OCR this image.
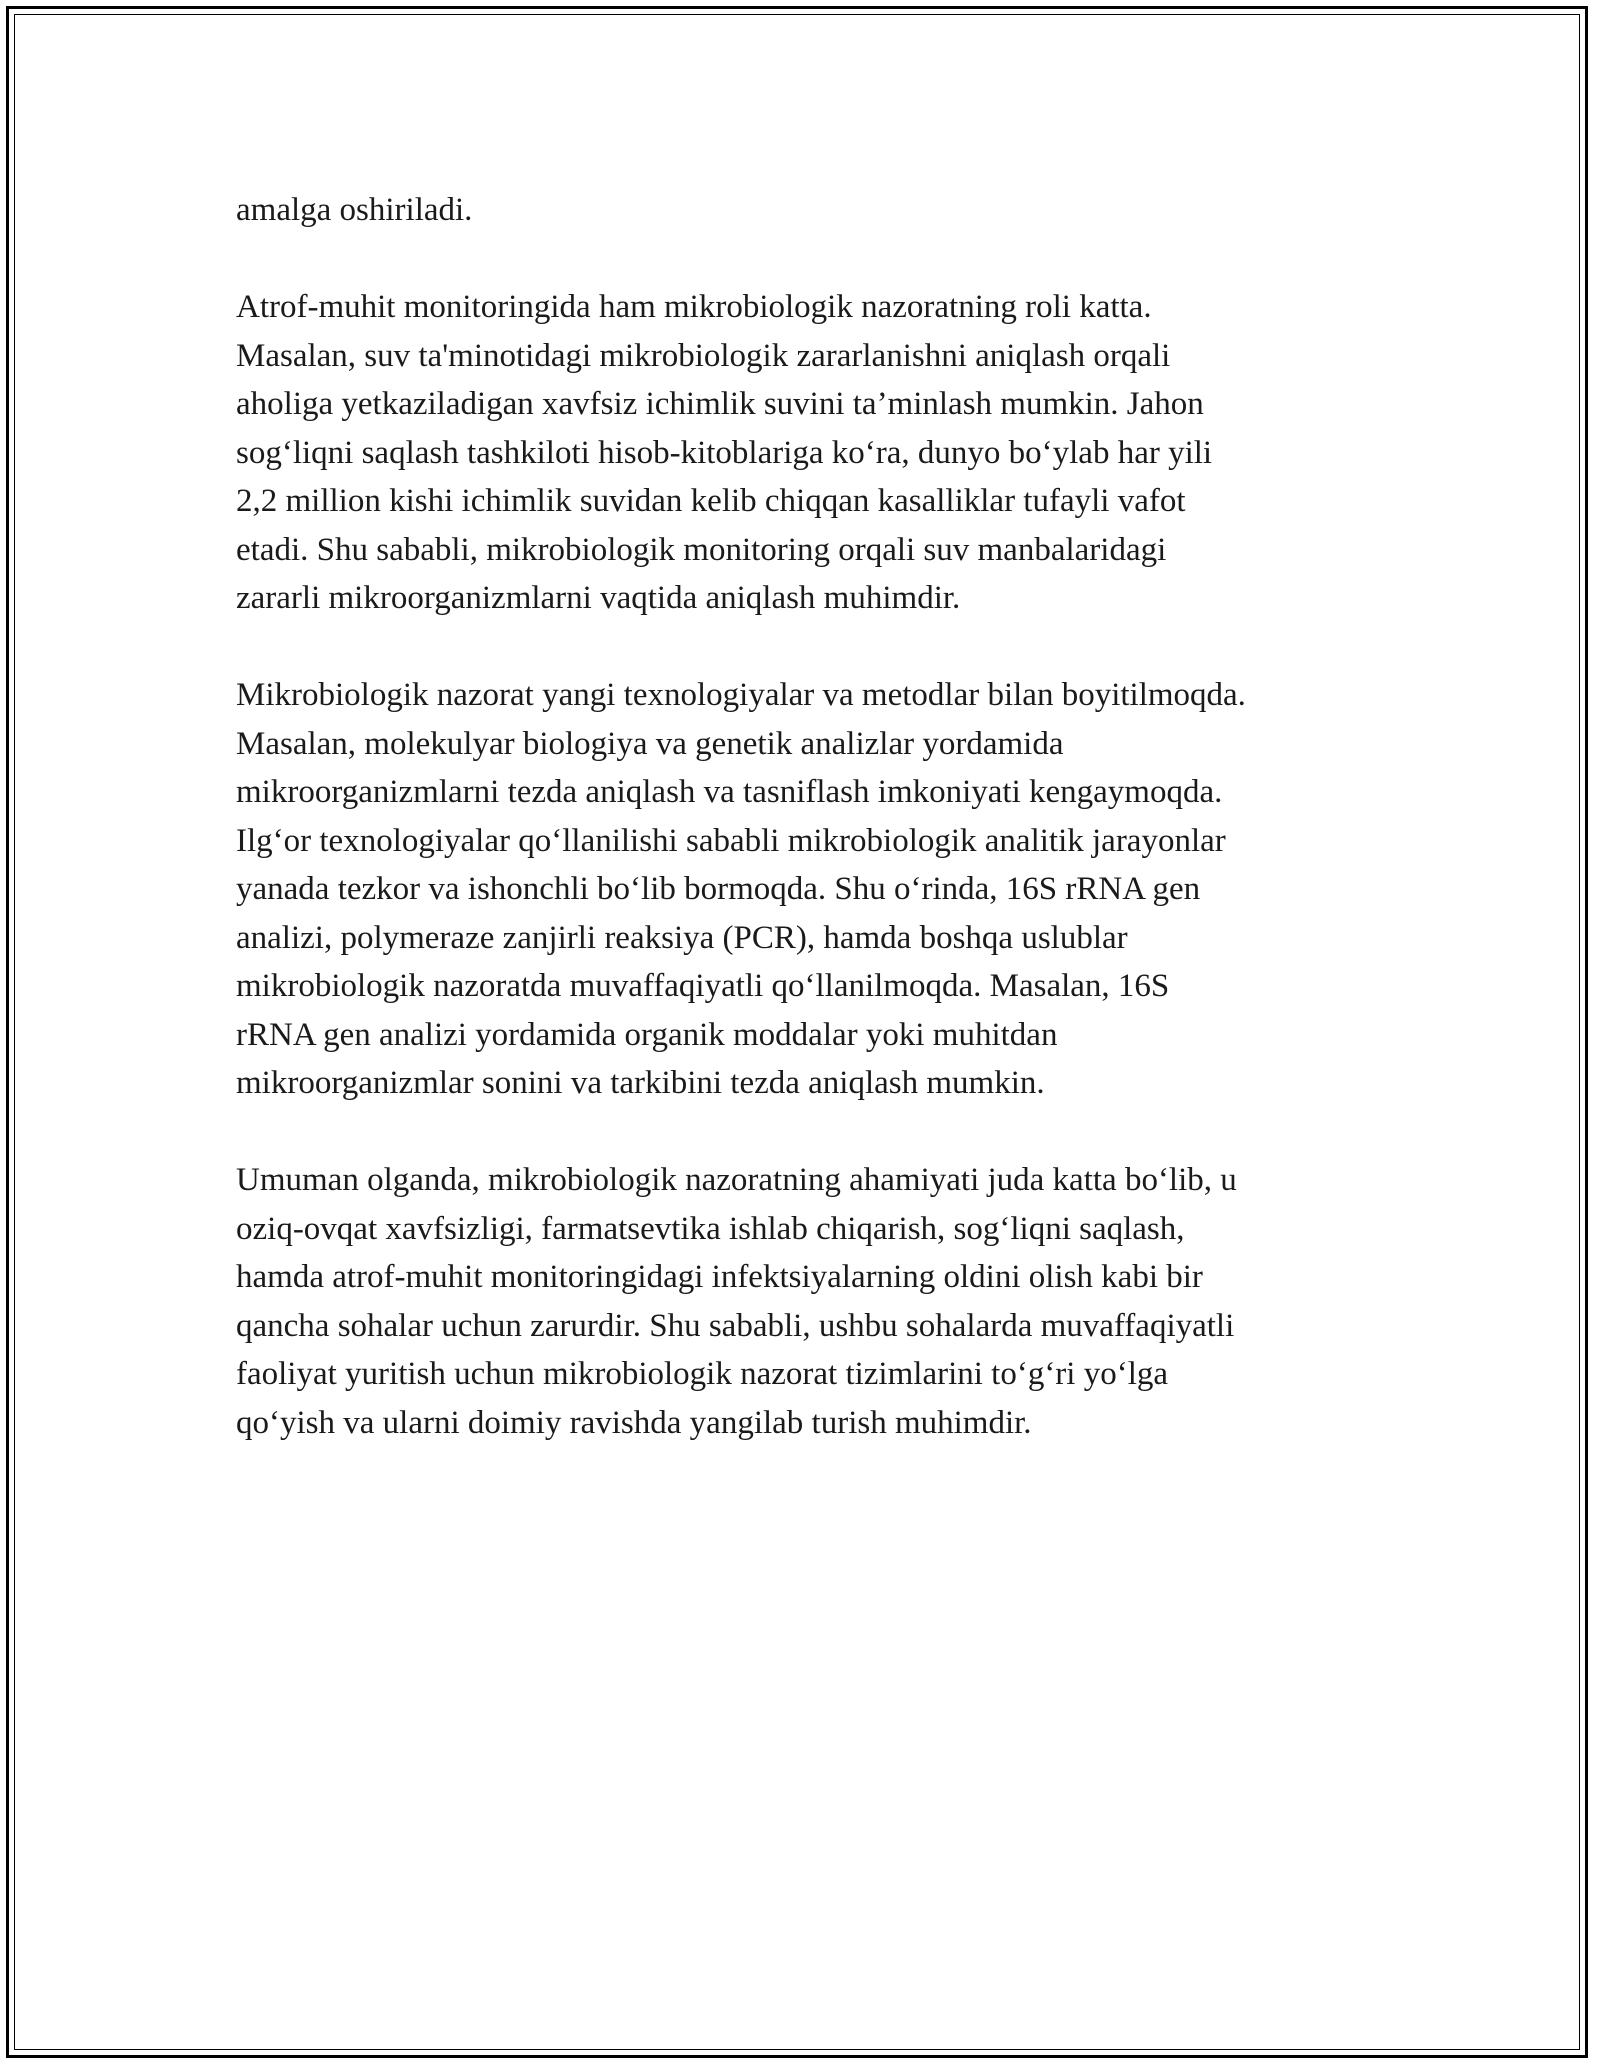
amalga oshiriladi.

Atrof-muhit monitoringida ham mikrobiologik nazoratning roli katta.
Masalan, suv ta'minotidagi mikrobiologik zararlanishni aniqlash orqali
aholiga yetkaziladigan xavfsiz ichimlik suvini ta’minlash mumkin. Jahon
sog‘liqni saqlash tashkiloti hisob-kitoblariga ko‘ra, dunyo bo‘ylab har yili
2,2 million kishi ichimlik suvidan kelib chiqqan kasalliklar tufayli vafot
etadi. Shu sababli, mikrobiologik monitoring orqali suv manbalaridagi
zararli mikroorganizmlarni vaqtida aniqlash muhimdir.

Mikrobiologik nazorat yangi texnologiyalar va metodlar bilan boyitilmoqda.
Masalan, molekulyar biologiya va genetik analizlar yordamida
mikroorganizmlarni tezda aniqlash va tasniflash imkoniyati kengaymoqda.
Ilg‘or texnologiyalar qo‘llanilishi sababli mikrobiologik analitik jarayonlar
yanada tezkor va ishonchli bo‘lib bormoqda. Shu o‘rinda, 16S rRNA gen
analizi, polymeraze zanjirli reaksiya (PCR), hamda boshqa uslublar
mikrobiologik nazoratda muvaffaqiyatli qo‘llanilmoqda. Masalan, 16S
rRNA gen analizi yordamida organik moddalar yoki muhitdan
mikroorganizmlar sonini va tarkibini tezda aniqlash mumkin.

Umuman olganda, mikrobiologik nazoratning ahamiyati juda katta bo‘lib, u
oziq-ovqat xavfsizligi, farmatsevtika ishlab chiqarish, sog‘liqni saqlash,
hamda atrof-muhit monitoringidagi infektsiyalarning oldini olish kabi bir
qancha sohalar uchun zarurdir. Shu sababli, ushbu sohalarda muvaffaqiyatli
faoliyat yuritish uchun mikrobiologik nazorat tizimlarini to‘g‘ri yo‘lga
qo‘yish va ularni doimiy ravishda yangilab turish muhimdir.
